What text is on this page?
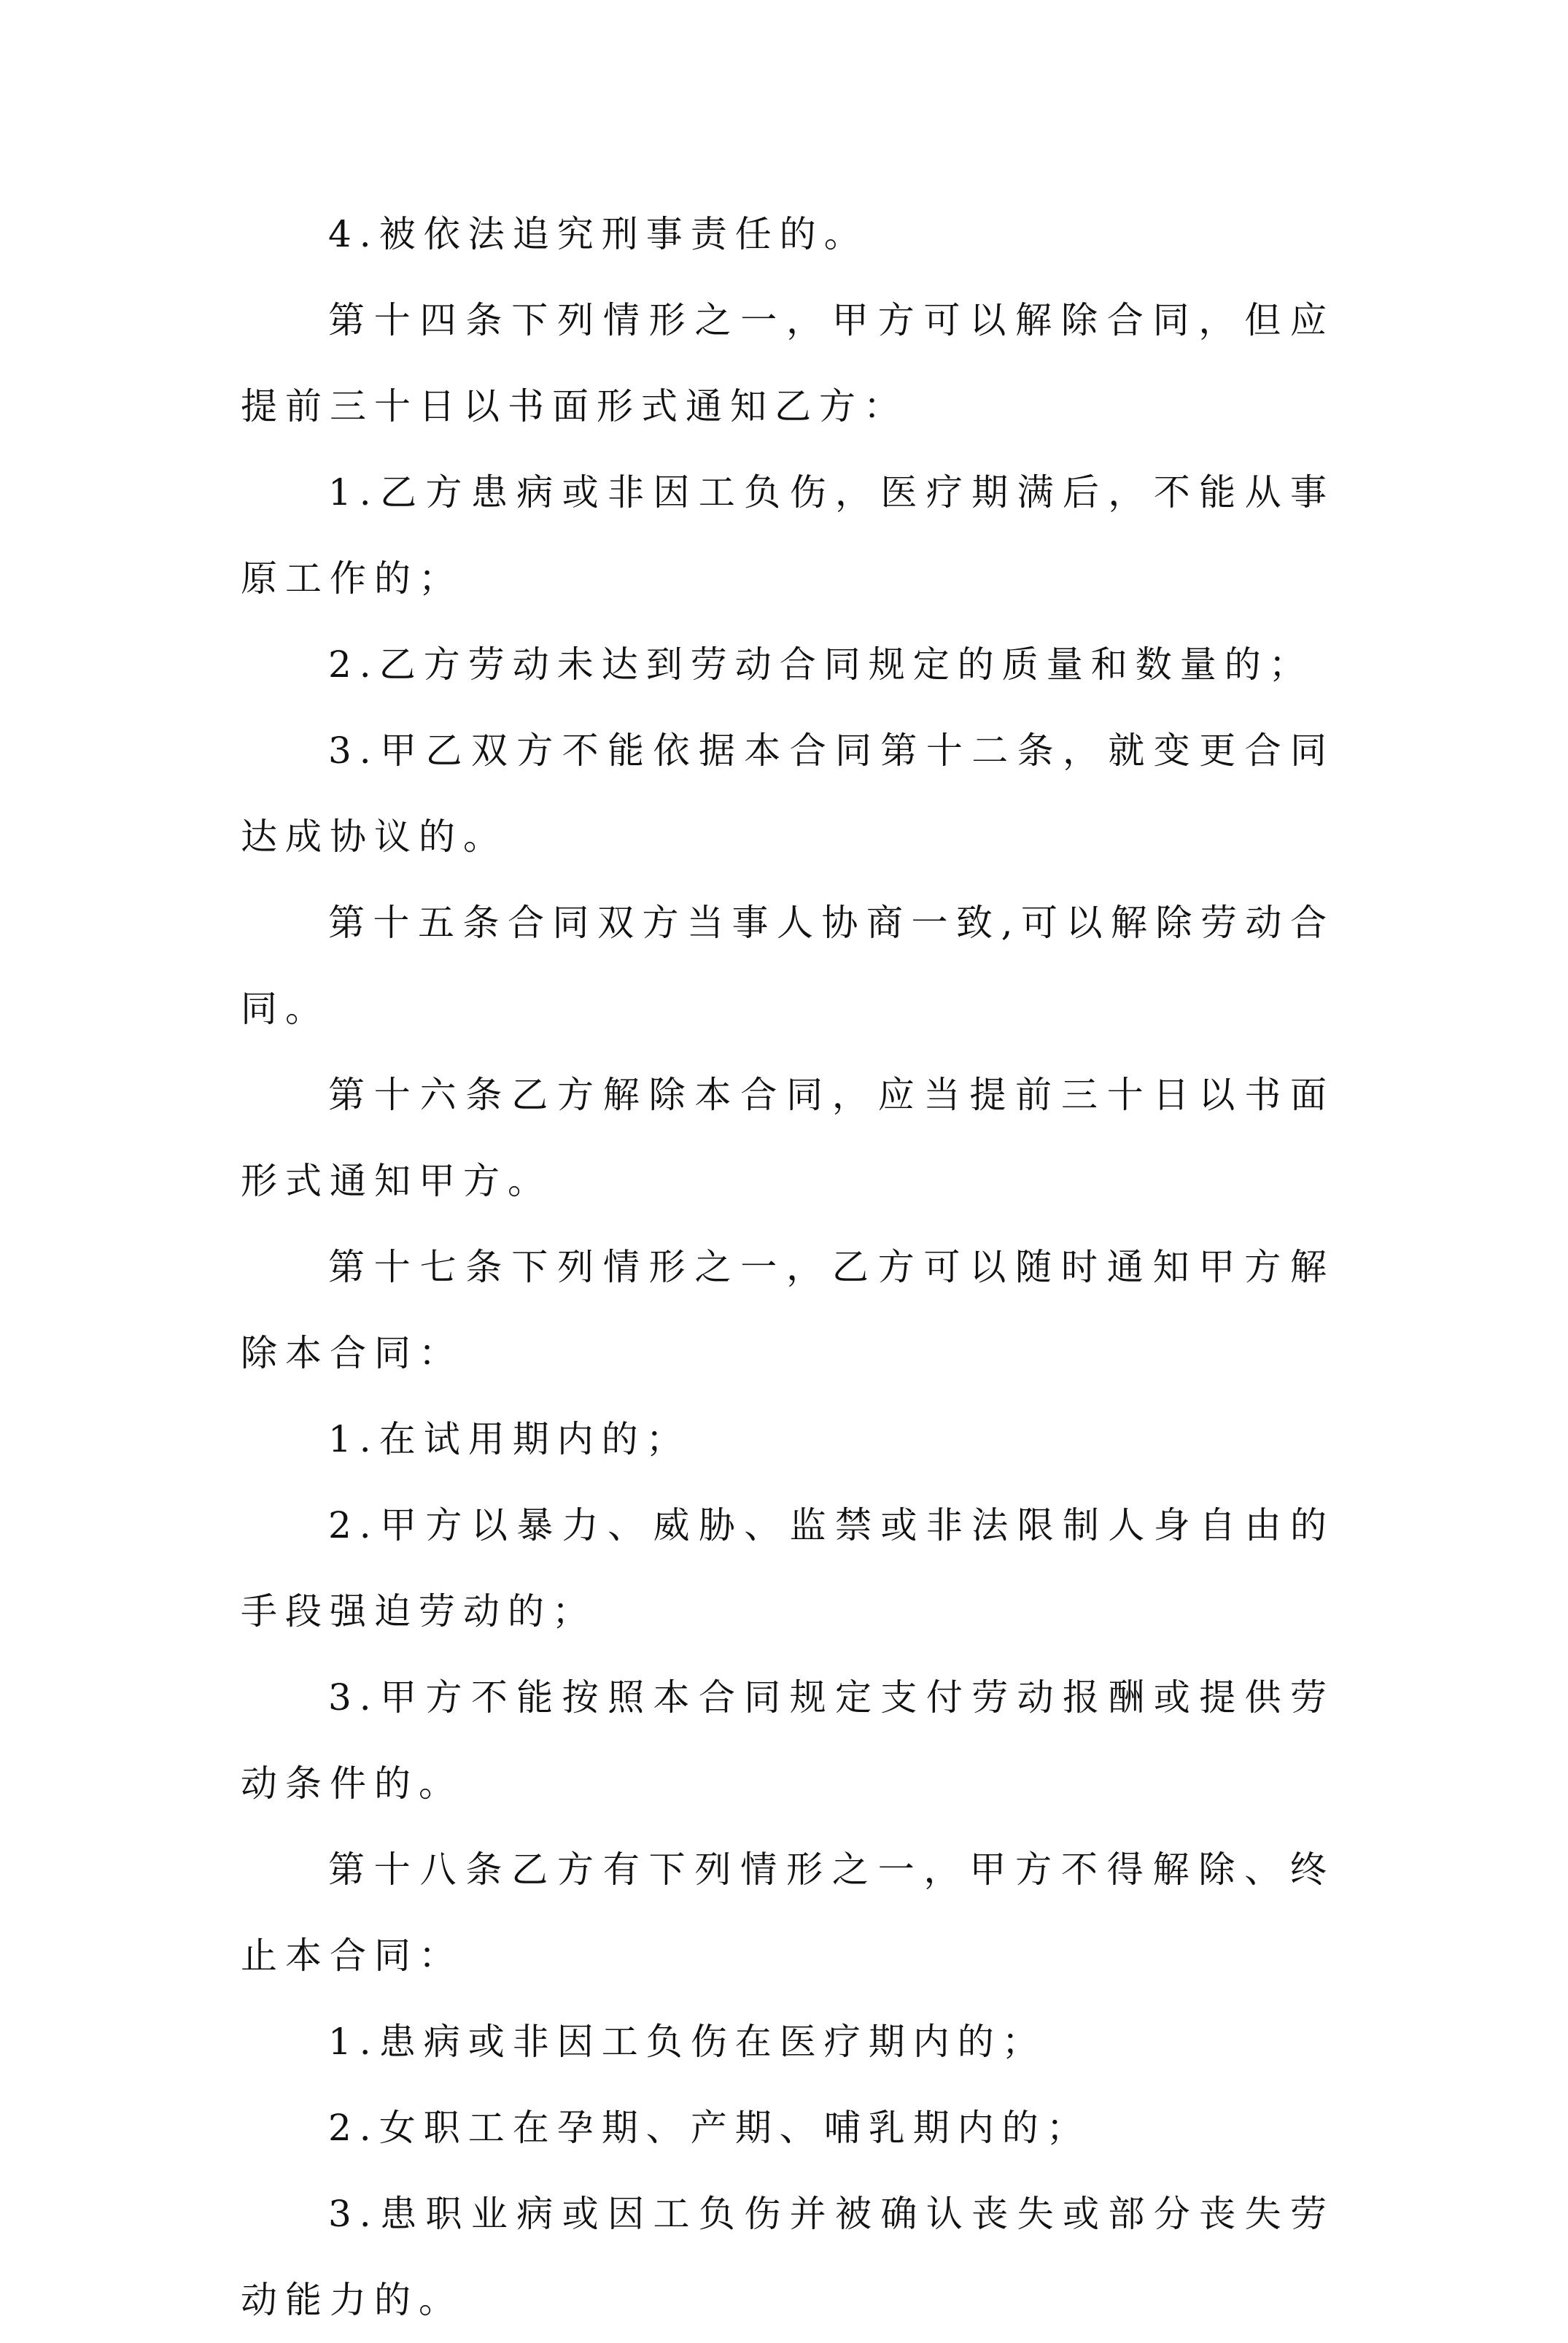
4.被依法追究刑事责任的。

第十四条下列情形之一，甲方可以解除合同，但应提前三十日以书面形式通知乙方：

1.乙方患病或非因工负伤，医疗期满后，不能从事原工作的；

2.乙方劳动未达到劳动合同规定的质量和数量的；

3.甲乙双方不能依据本合同第十二条，就变更合同达成协议的。

第十五条合同双方当事人协商一致,可以解除劳动合同。

第十六条乙方解除本合同，应当提前三十日以书面形式通知甲方。

第十七条下列情形之一，乙方可以随时通知甲方解除本合同：

1.在试用期内的；

2.甲方以暴力、威胁、监禁或非法限制人身自由的手段强迫劳动的；

3.甲方不能按照本合同规定支付劳动报酬或提供劳动条件的。

第十八条乙方有下列情形之一，甲方不得解除、终止本合同：

1.患病或非因工负伤在医疗期内的；

2.女职工在孕期、产期、哺乳期内的；

3.患职业病或因工负伤并被确认丧失或部分丧失劳动能力的。
